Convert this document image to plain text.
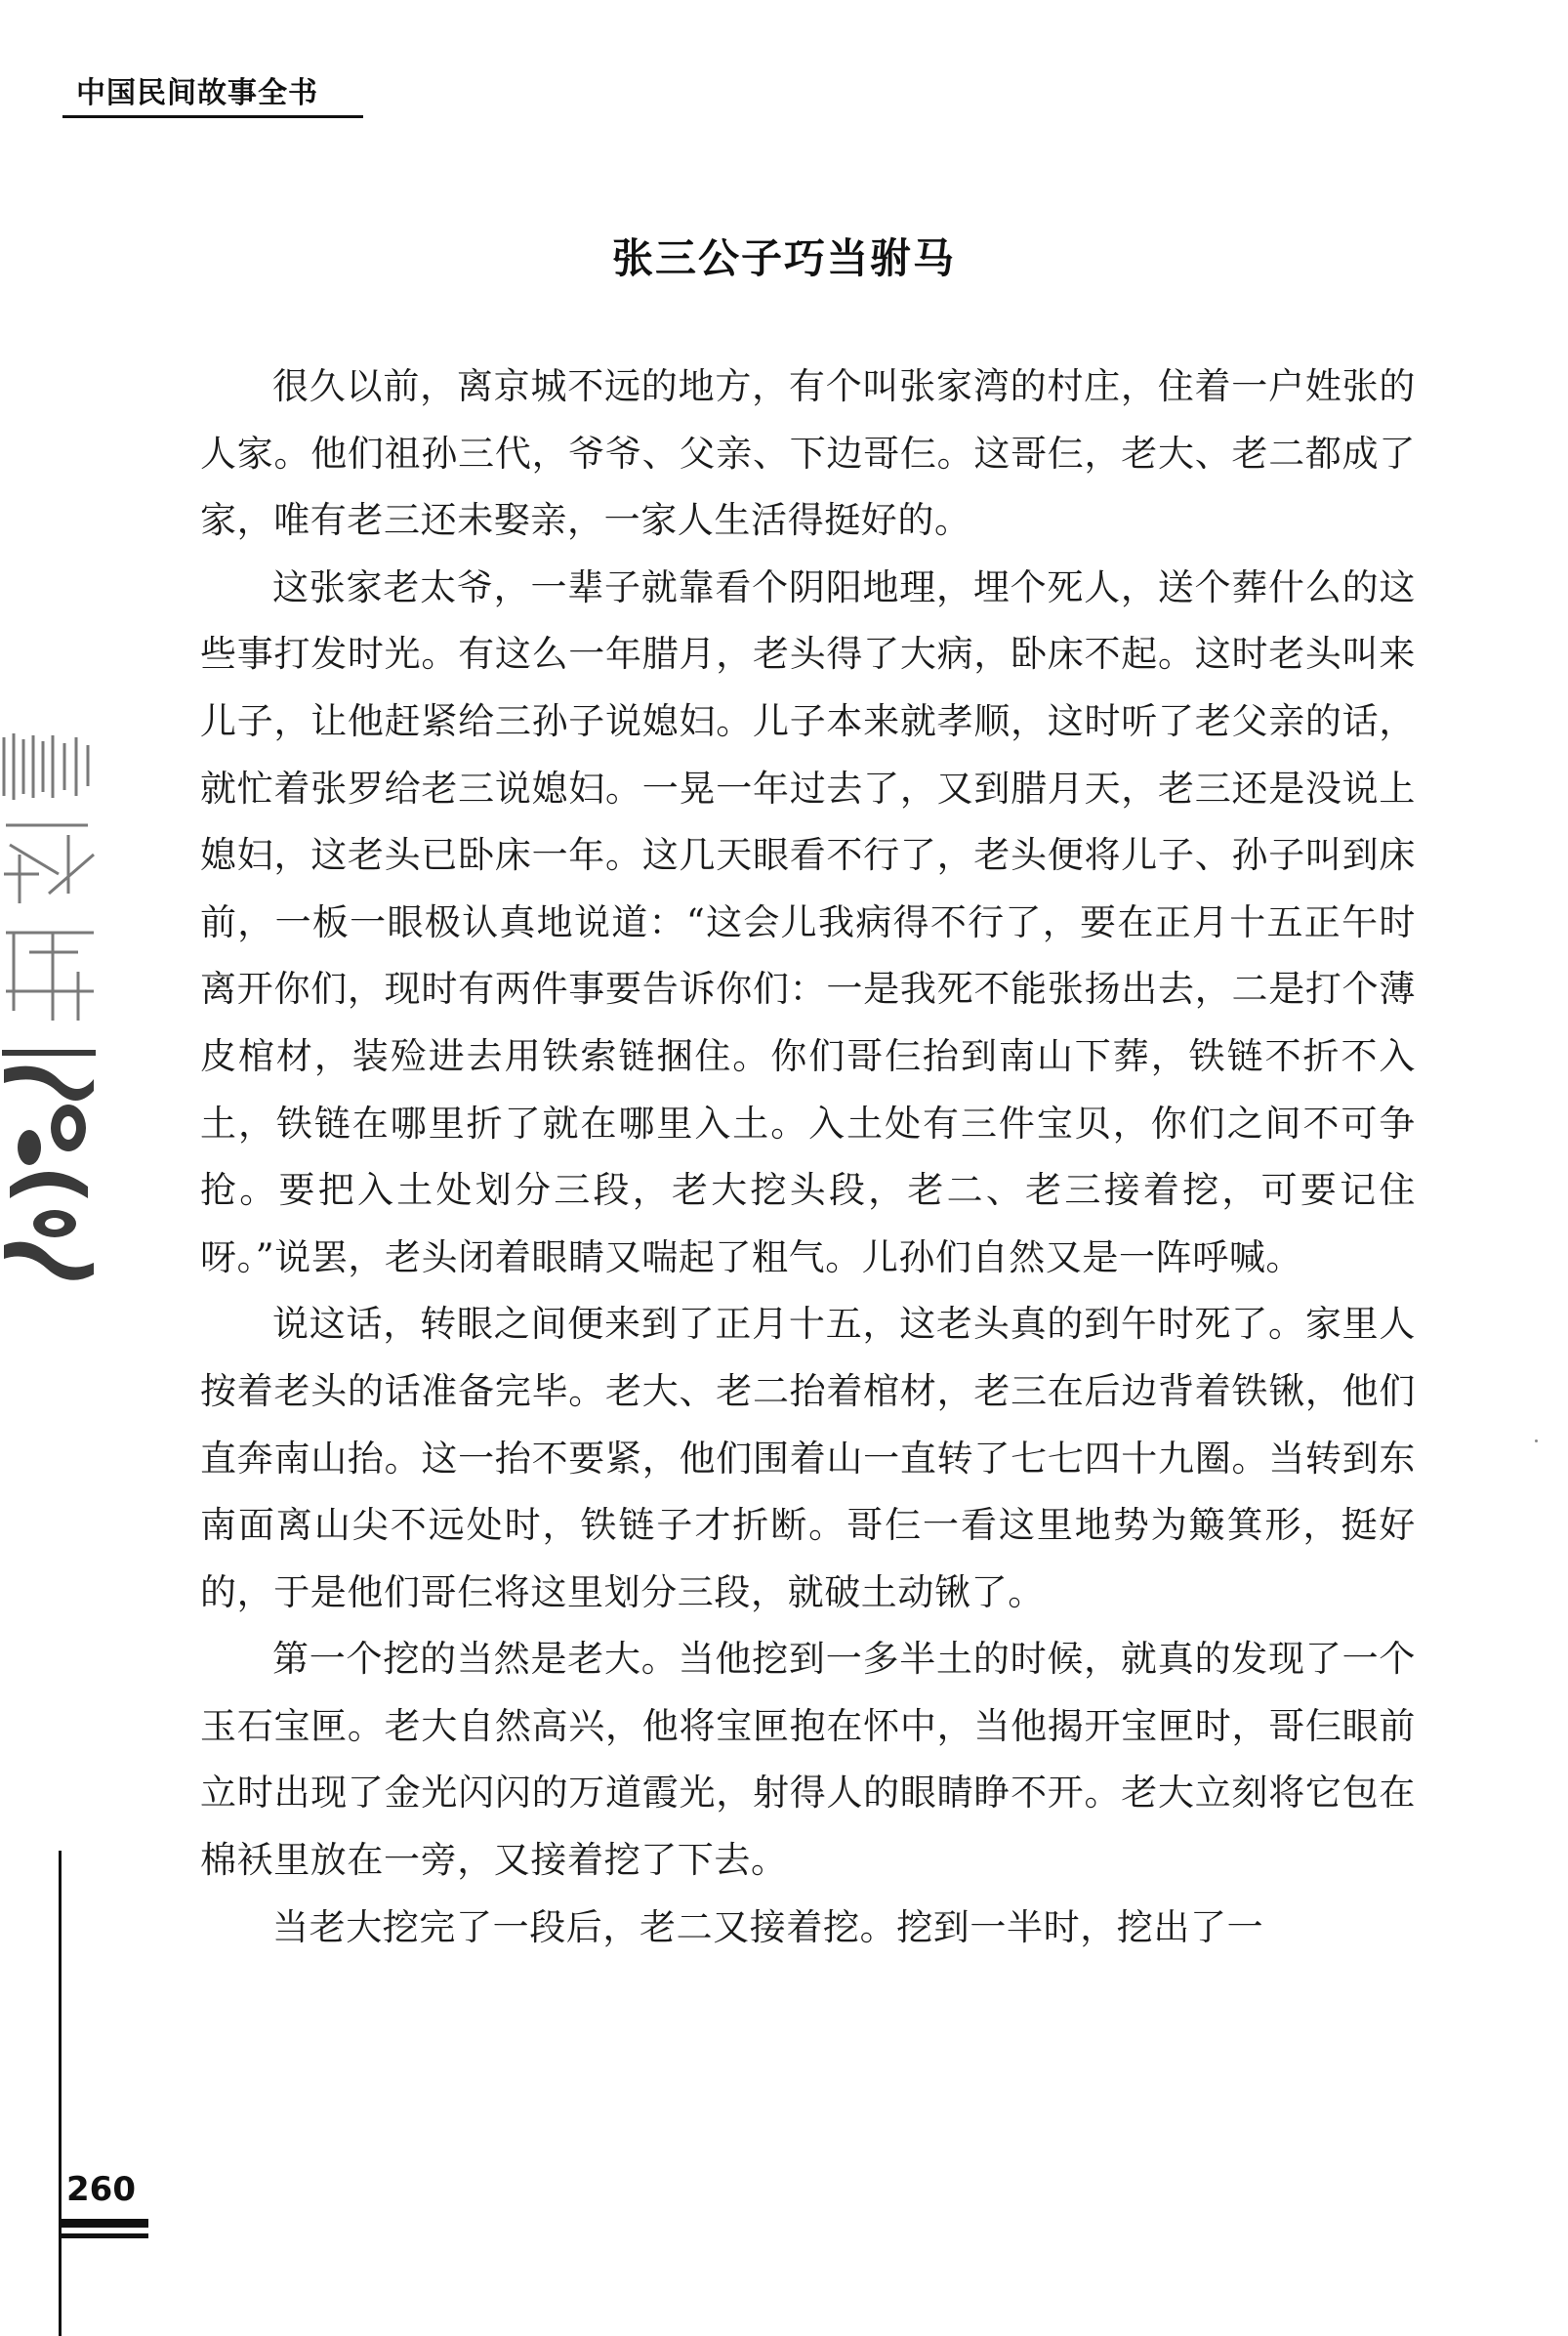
中国民间故事全书
张三公子巧当驸马

很久以前，离京城不远的地方，有个叫张家湾的村庄，住着一户姓张的人家。他们祖孙三代，爷爷、父亲、下边哥仨。这哥仨，老大、老二都成了家，唯有老三还未娶亲，一家人生活得挺好的。

这张家老太爷，一辈子就靠看个阴阳地理，埋个死人，送个葬什么的这些事打发时光。有这么一年腊月，老头得了大病，卧床不起。这时老头叫来儿子，让他赶紧给三孙子说媳妇。儿子本来就孝顺，这时听了老父亲的话，就忙着张罗给老三说媳妇。一晃一年过去了，又到腊月天，老三还是没说上媳妇，这老头已卧床一年。这几天眼看不行了，老头便将儿子、孙子叫到床前，一板一眼极认真地说道：“这会儿我病得不行了，要在正月十五正午时离开你们，现时有两件事要告诉你们：一是我死不能张扬出去，二是打个薄皮棺材，装殓进去用铁索链捆住。你们哥仨抬到南山下葬，铁链不折不入土，铁链在哪里折了就在哪里入土。入土处有三件宝贝，你们之间不可争抢。要把入土处划分三段，老大挖头段，老二、老三接着挖，可要记住呀。”说罢，老头闭着眼睛又喘起了粗气。儿孙们自然又是一阵呼喊。

说这话，转眼之间便来到了正月十五，这老头真的到午时死了。家里人按着老头的话准备完毕。老大、老二抬着棺材，老三在后边背着铁锹，他们直奔南山抬。这一抬不要紧，他们围着山一直转了七七四十九圈。当转到东南面离山尖不远处时，铁链子才折断。哥仨一看这里地势为簸箕形，挺好的，于是他们哥仨将这里划分三段，就破土动锹了。

第一个挖的当然是老大。当他挖到一多半土的时候，就真的发现了一个玉石宝匣。老大自然高兴，他将宝匣抱在怀中，当他揭开宝匣时，哥仨眼前立时出现了金光闪闪的万道霞光，射得人的眼睛睁不开。老大立刻将它包在棉袄里放在一旁，又接着挖了下去。

当老大挖完了一段后，老二又接着挖。挖到一半时，挖出了一

260
